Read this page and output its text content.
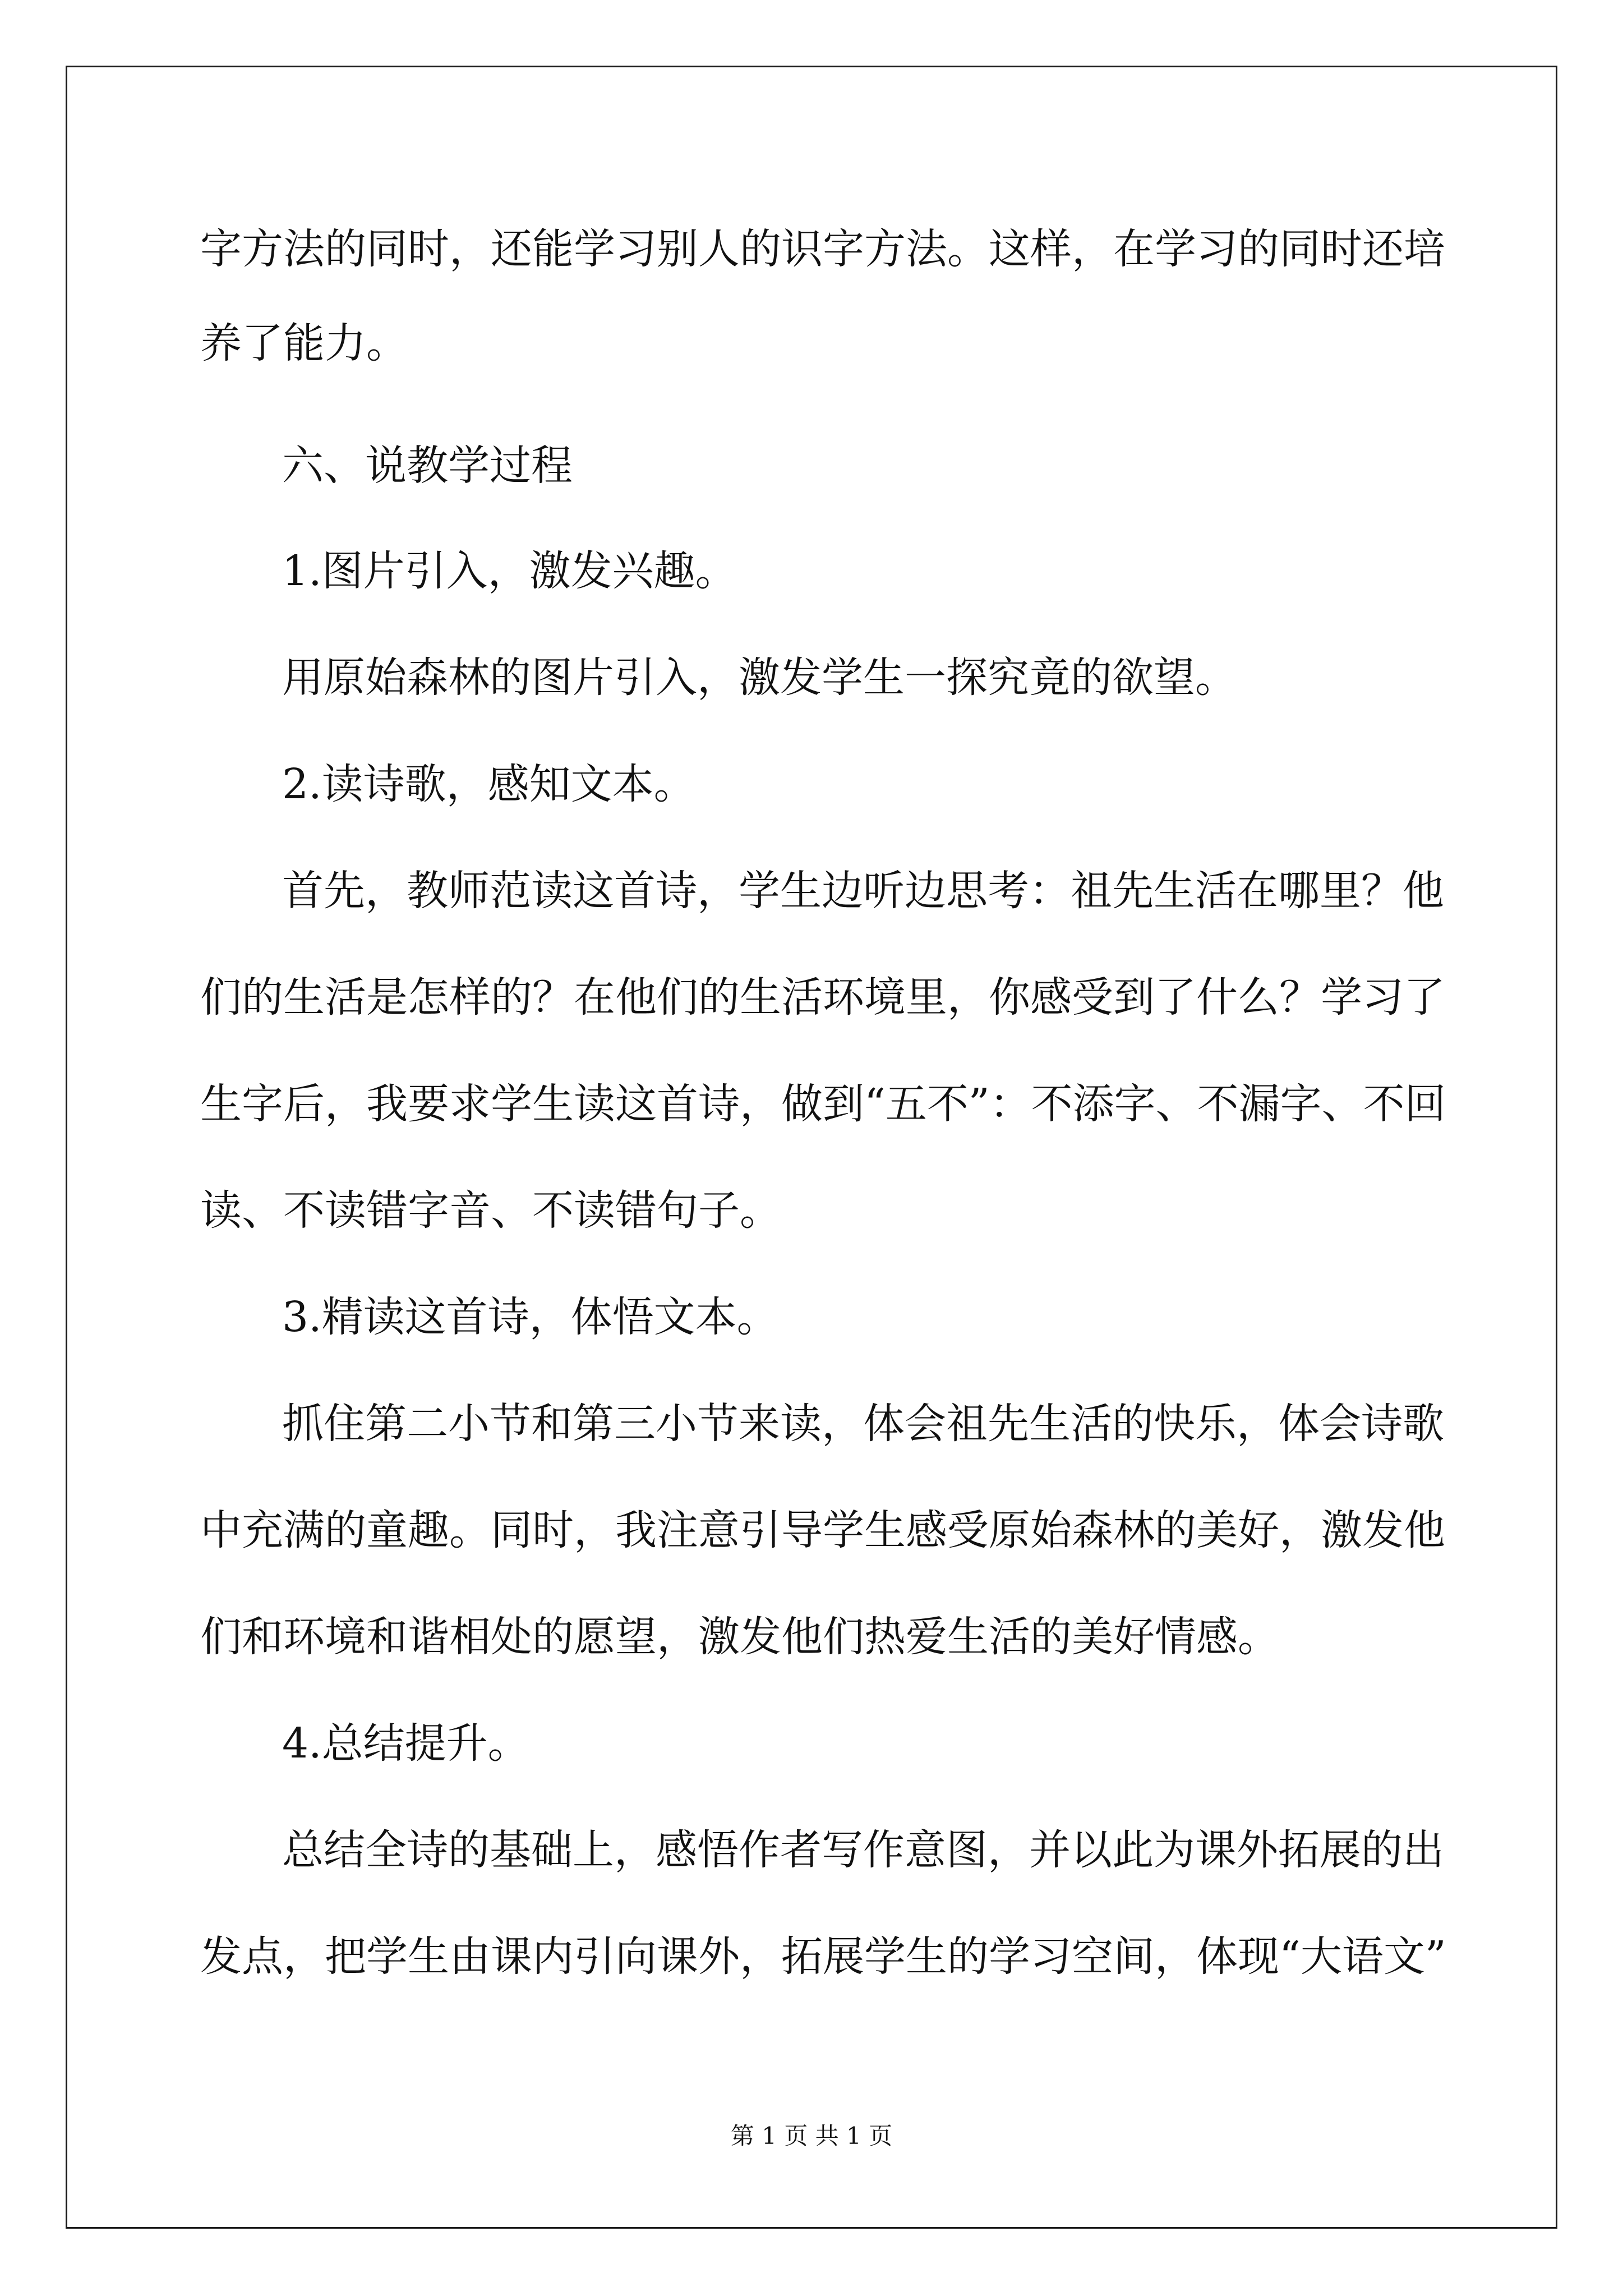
字方法的同时，还能学习别人的识字方法。这样，在学习的同时还培
养了能力。
六、说教学过程
1.图片引入，激发兴趣。
用原始森林的图片引入，激发学生一探究竟的欲望。
2.读诗歌，感知文本。
首先，教师范读这首诗，学生边听边思考：祖先生活在哪里？他
们的生活是怎样的？在他们的生活环境里，你感受到了什么？学习了
生字后，我要求学生读这首诗，做到“五不”：不添字、不漏字、不回
读、不读错字音、不读错句子。
3.精读这首诗，体悟文本。
抓住第二小节和第三小节来读，体会祖先生活的快乐，体会诗歌
中充满的童趣。同时，我注意引导学生感受原始森林的美好，激发他
们和环境和谐相处的愿望，激发他们热爱生活的美好情感。
4.总结提升。
总结全诗的基础上，感悟作者写作意图，并以此为课外拓展的出
发点，把学生由课内引向课外，拓展学生的学习空间，体现“大语文”
第 1 页 共 1 页
